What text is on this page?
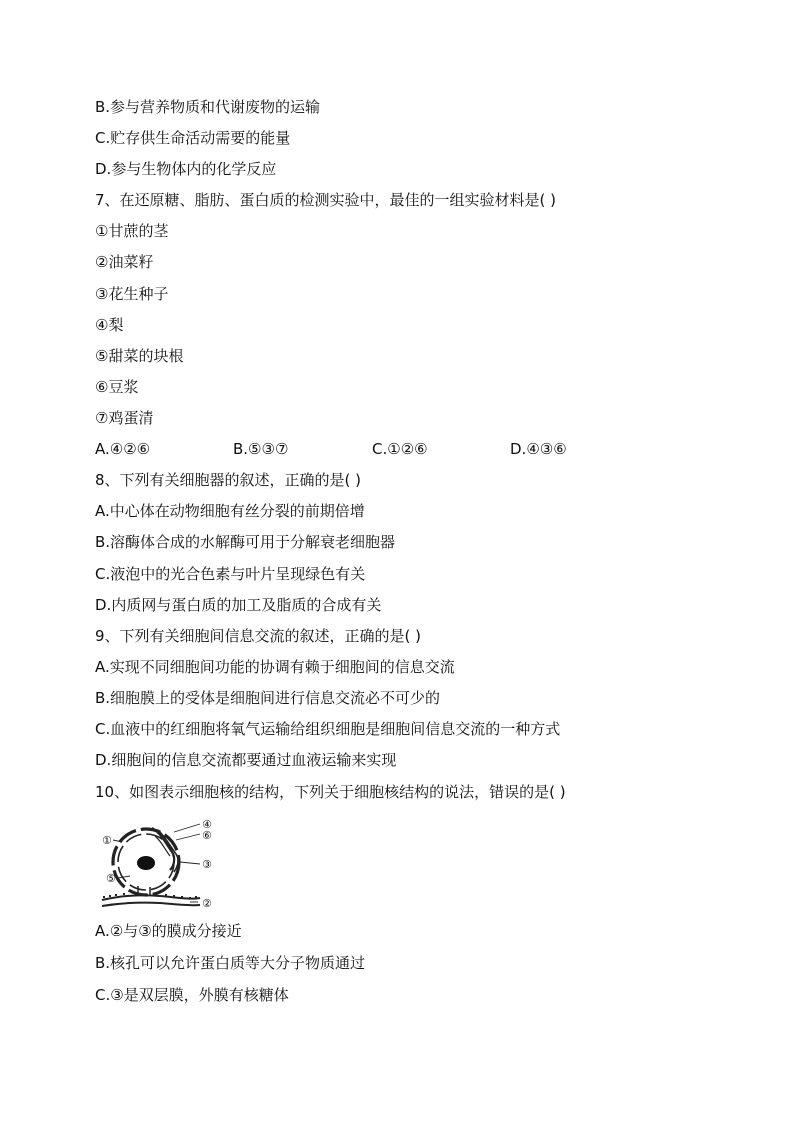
B.参与营养物质和代谢废物的运输
C.贮存供生命活动需要的能量
D.参与生物体内的化学反应
7、在还原糖、脂肪、蛋白质的检测实验中，最佳的一组实验材料是( )
①甘蔗的茎
②油菜籽
③花生种子
④梨
⑤甜菜的块根
⑥豆浆
⑦鸡蛋清
A.④②⑥	B.⑤③⑦	C.①②⑥	D.④③⑥
8、下列有关细胞器的叙述，正确的是( )
A.中心体在动物细胞有丝分裂的前期倍增
B.溶酶体合成的水解酶可用于分解衰老细胞器
C.液泡中的光合色素与叶片呈现绿色有关
D.内质网与蛋白质的加工及脂质的合成有关
9、下列有关细胞间信息交流的叙述，正确的是( )
A.实现不同细胞间功能的协调有赖于细胞间的信息交流
B.细胞膜上的受体是细胞间进行信息交流必不可少的
C.血液中的红细胞将氧气运输给组织细胞是细胞间信息交流的一种方式
D.细胞间的信息交流都要通过血液运输来实现
10、如图表示细胞核的结构，下列关于细胞核结构的说法，错误的是( )
①
④
⑥
③
⑤
②
A.②与③的膜成分接近
B.核孔可以允许蛋白质等大分子物质通过
C.③是双层膜，外膜有核糖体
